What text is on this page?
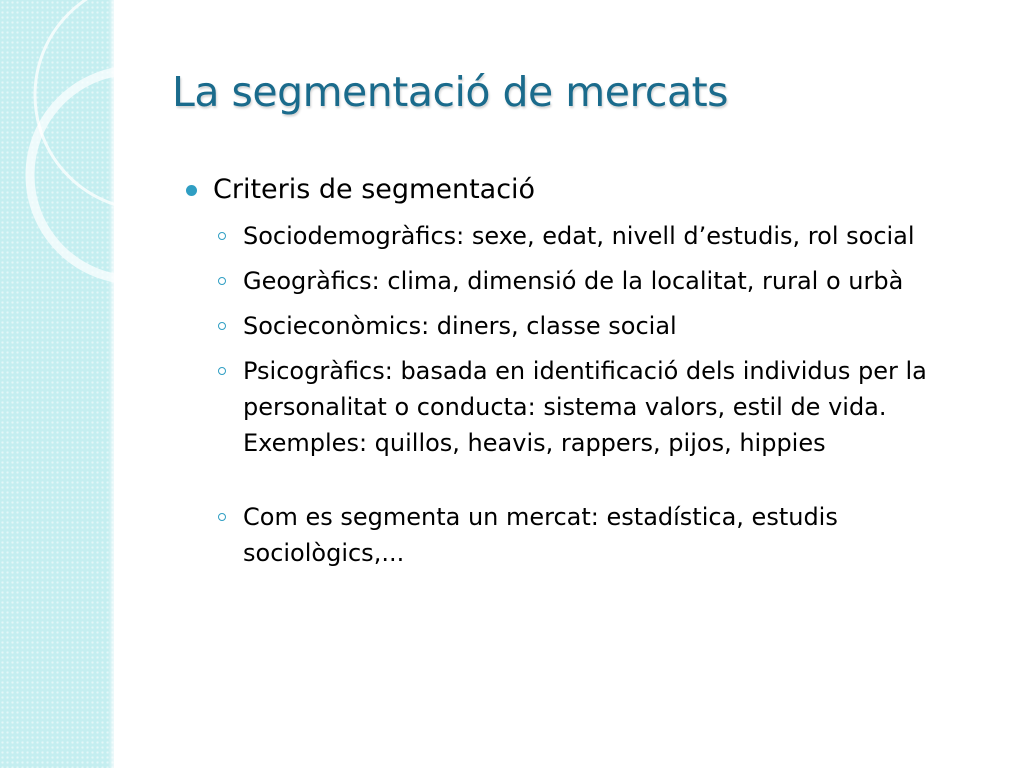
La segmentació de mercats
Criteris de segmentació
Sociodemogràfics: sexe, edat, nivell d’estudis, rol social
Geogràfics: clima, dimensió de la localitat, rural o urbà
Socieconòmics: diners, classe social
Psicogràfics: basada en identificació dels individus per la personalitat o conducta: sistema valors, estil de vida. Exemples: quillos, heavis, rappers, pijos, hippies
Com es segmenta un mercat: estadística, estudis sociològics,...
